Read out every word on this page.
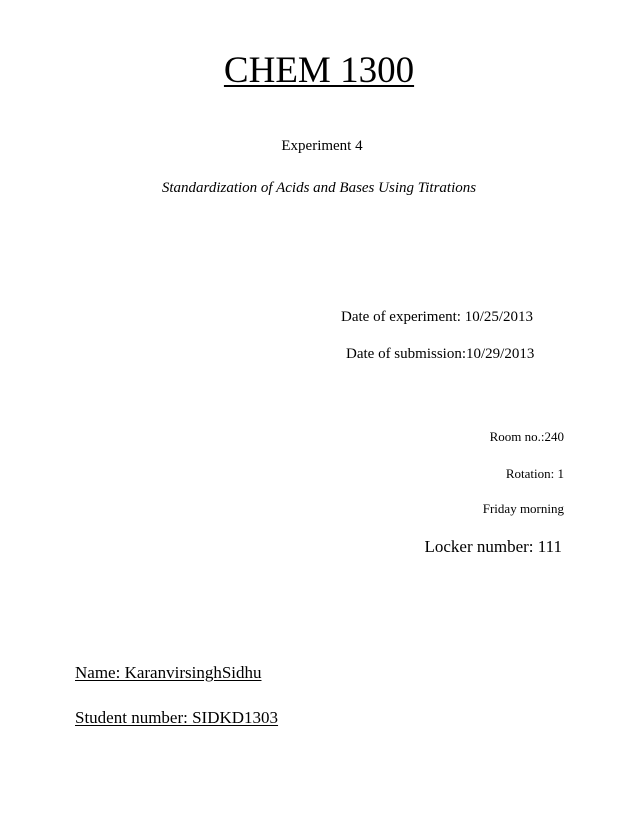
CHEM 1300
Experiment 4
Standardization of Acids and Bases Using Titrations
Date of experiment: 10/25/2013
Date of submission:10/29/2013
Room no.:240
Rotation: 1
Friday morning
Locker number: 111
Name: KaranvirsinghSidhu
Student number: SIDKD1303
